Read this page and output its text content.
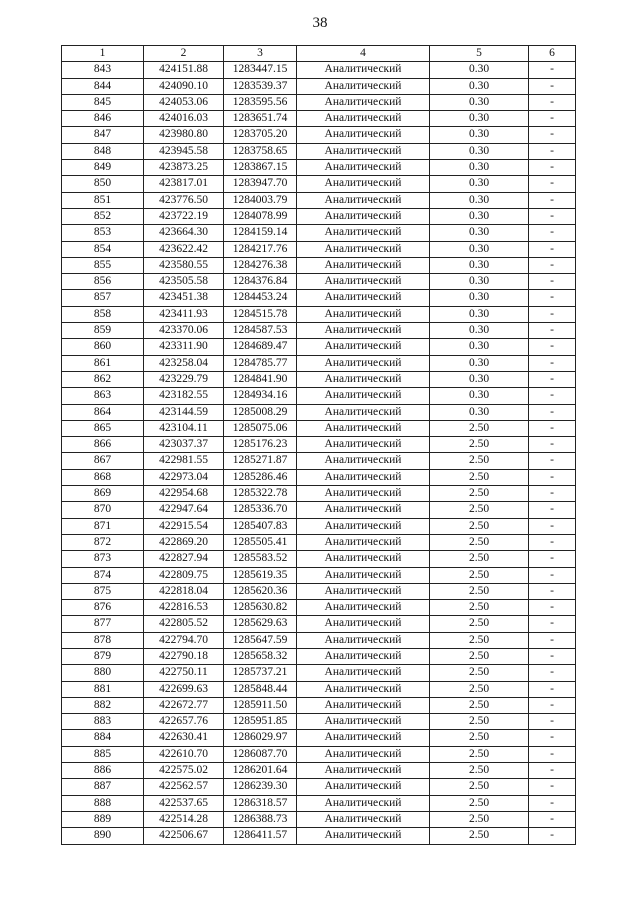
38
1	2	3	4	5	6
843	424151.88	1283447.15	Аналитический	0.30	-
844	424090.10	1283539.37	Аналитический	0.30	-
845	424053.06	1283595.56	Аналитический	0.30	-
846	424016.03	1283651.74	Аналитический	0.30	-
847	423980.80	1283705.20	Аналитический	0.30	-
848	423945.58	1283758.65	Аналитический	0.30	-
849	423873.25	1283867.15	Аналитический	0.30	-
850	423817.01	1283947.70	Аналитический	0.30	-
851	423776.50	1284003.79	Аналитический	0.30	-
852	423722.19	1284078.99	Аналитический	0.30	-
853	423664.30	1284159.14	Аналитический	0.30	-
854	423622.42	1284217.76	Аналитический	0.30	-
855	423580.55	1284276.38	Аналитический	0.30	-
856	423505.58	1284376.84	Аналитический	0.30	-
857	423451.38	1284453.24	Аналитический	0.30	-
858	423411.93	1284515.78	Аналитический	0.30	-
859	423370.06	1284587.53	Аналитический	0.30	-
860	423311.90	1284689.47	Аналитический	0.30	-
861	423258.04	1284785.77	Аналитический	0.30	-
862	423229.79	1284841.90	Аналитический	0.30	-
863	423182.55	1284934.16	Аналитический	0.30	-
864	423144.59	1285008.29	Аналитический	0.30	-
865	423104.11	1285075.06	Аналитический	2.50	-
866	423037.37	1285176.23	Аналитический	2.50	-
867	422981.55	1285271.87	Аналитический	2.50	-
868	422973.04	1285286.46	Аналитический	2.50	-
869	422954.68	1285322.78	Аналитический	2.50	-
870	422947.64	1285336.70	Аналитический	2.50	-
871	422915.54	1285407.83	Аналитический	2.50	-
872	422869.20	1285505.41	Аналитический	2.50	-
873	422827.94	1285583.52	Аналитический	2.50	-
874	422809.75	1285619.35	Аналитический	2.50	-
875	422818.04	1285620.36	Аналитический	2.50	-
876	422816.53	1285630.82	Аналитический	2.50	-
877	422805.52	1285629.63	Аналитический	2.50	-
878	422794.70	1285647.59	Аналитический	2.50	-
879	422790.18	1285658.32	Аналитический	2.50	-
880	422750.11	1285737.21	Аналитический	2.50	-
881	422699.63	1285848.44	Аналитический	2.50	-
882	422672.77	1285911.50	Аналитический	2.50	-
883	422657.76	1285951.85	Аналитический	2.50	-
884	422630.41	1286029.97	Аналитический	2.50	-
885	422610.70	1286087.70	Аналитический	2.50	-
886	422575.02	1286201.64	Аналитический	2.50	-
887	422562.57	1286239.30	Аналитический	2.50	-
888	422537.65	1286318.57	Аналитический	2.50	-
889	422514.28	1286388.73	Аналитический	2.50	-
890	422506.67	1286411.57	Аналитический	2.50	-
